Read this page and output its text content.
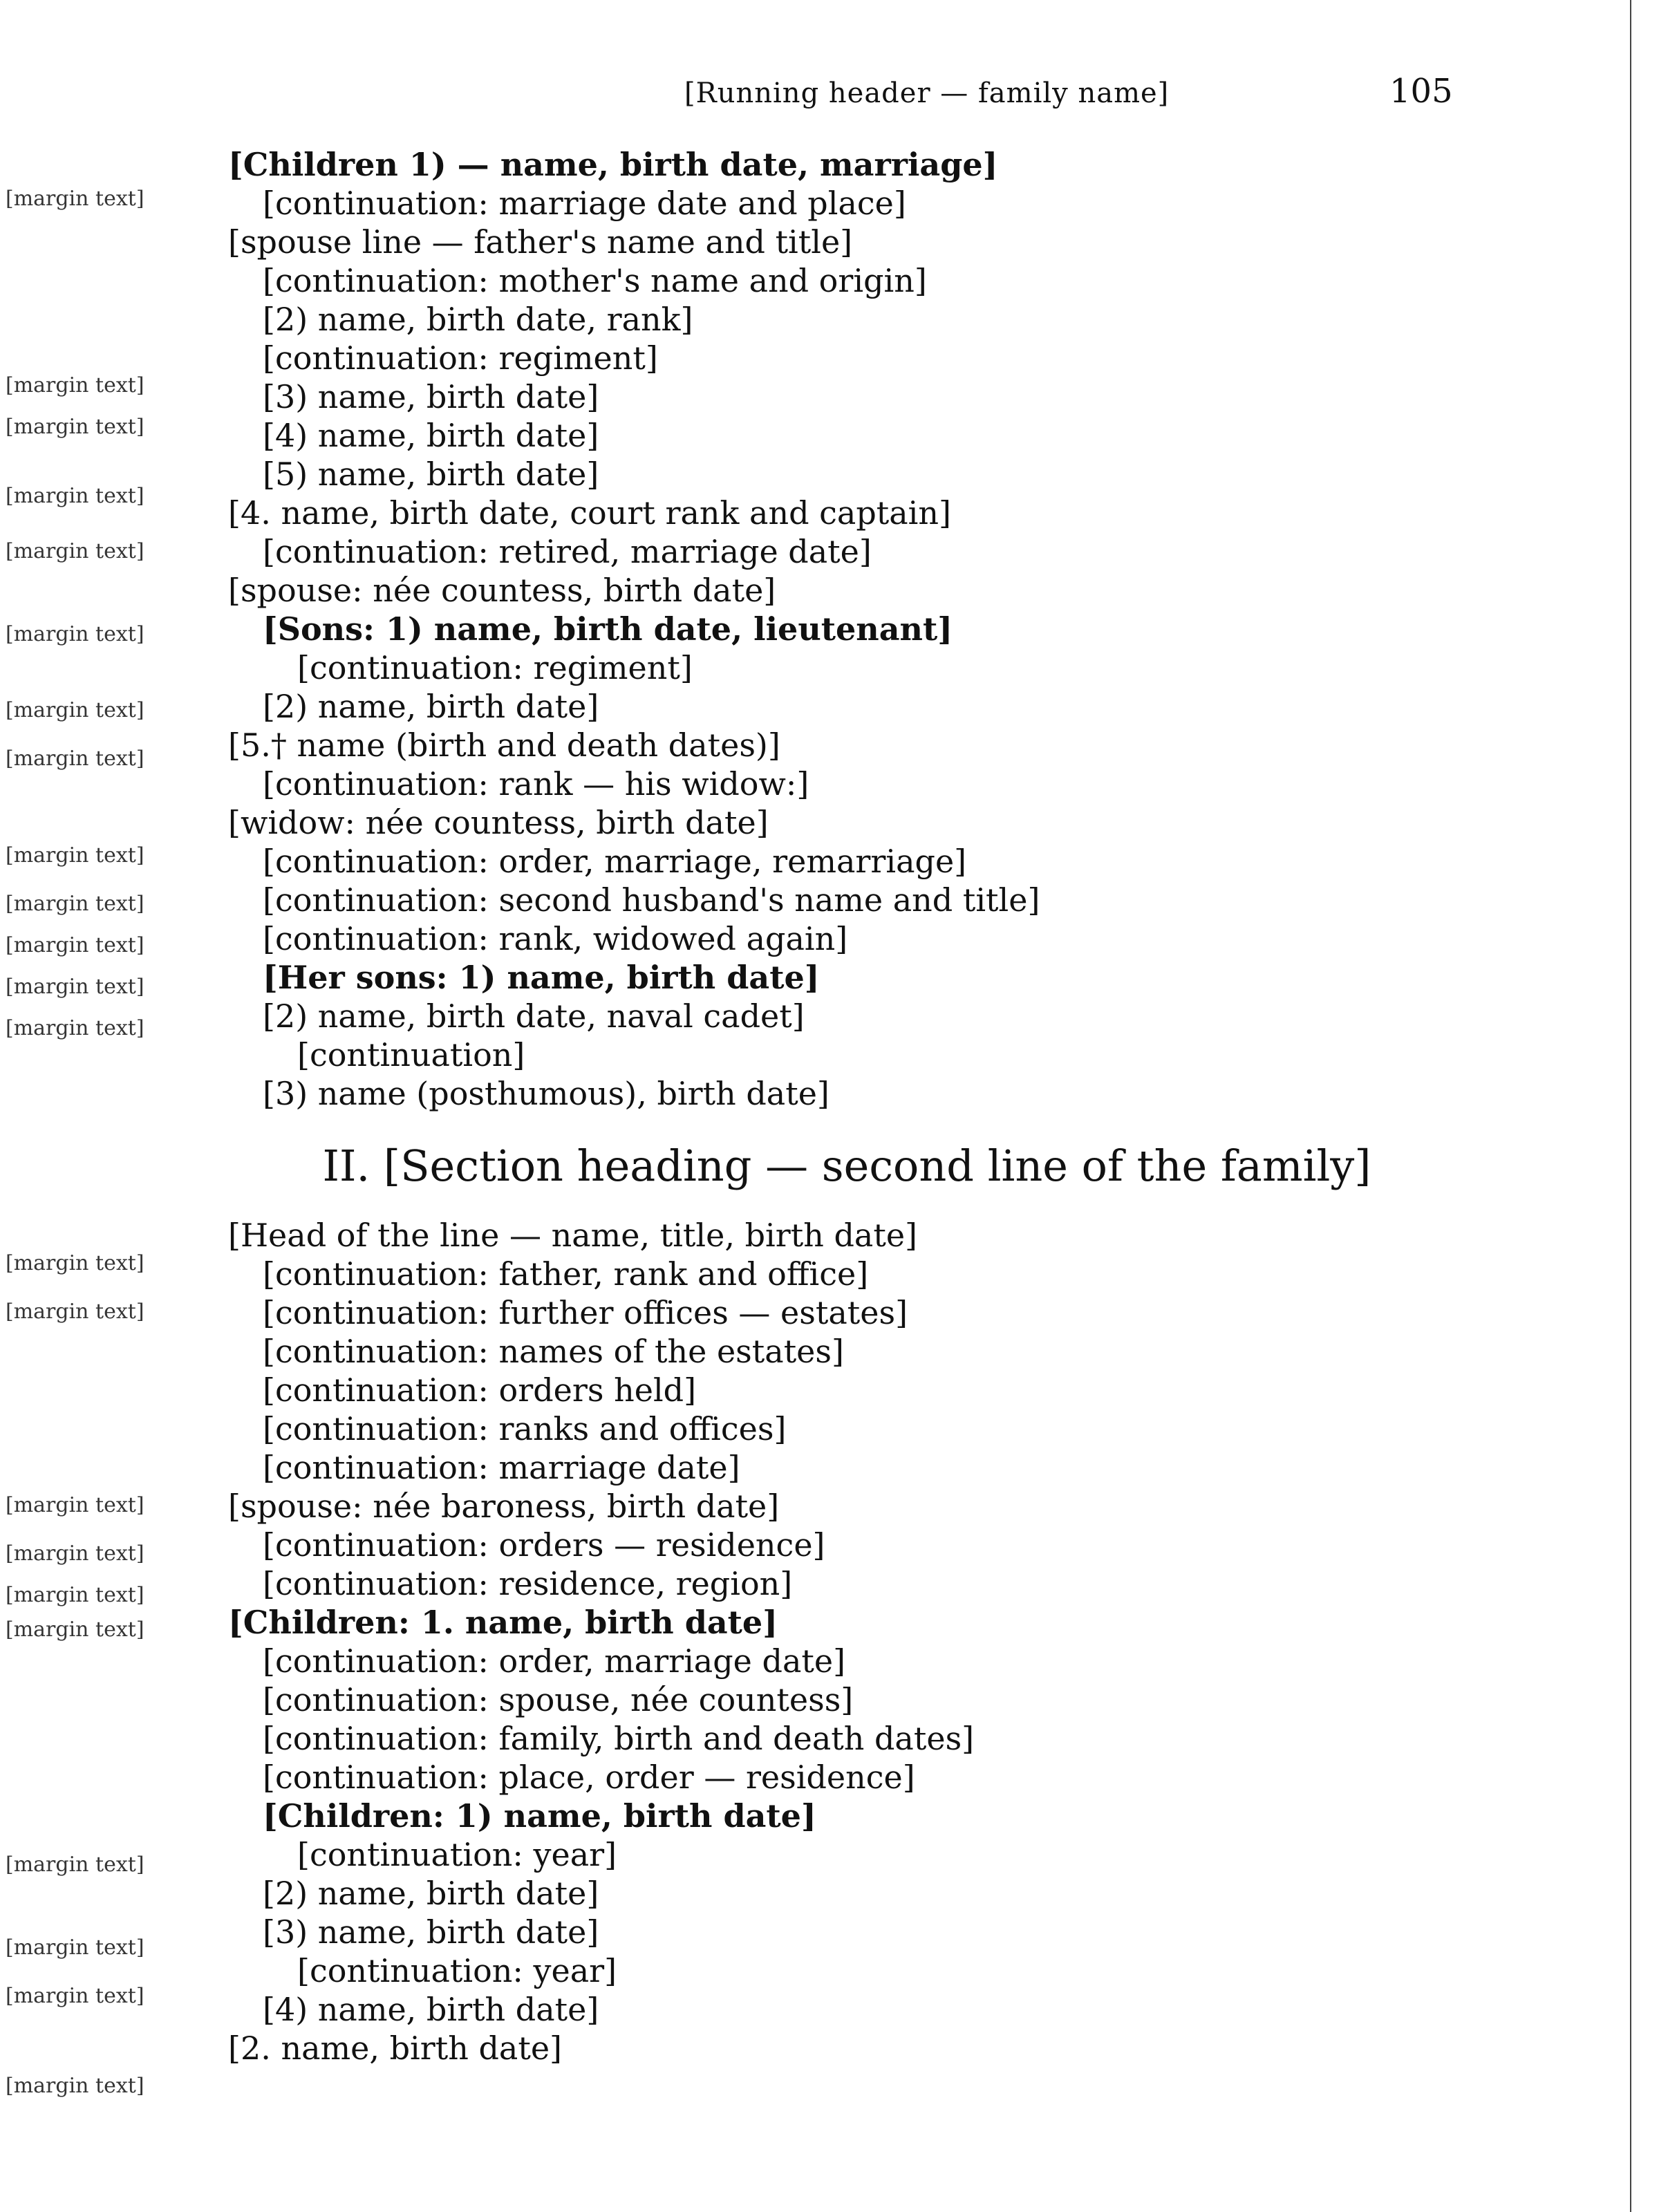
[margin text]
[margin text]
[margin text]
[margin text]
[margin text]
[margin text]
[margin text]
[margin text]
[margin text]
[margin text]
[margin text]
[margin text]
[margin text]
[margin text]
[margin text]
[margin text]
[margin text]
[margin text]
[margin text]
[margin text]
[margin text]
[margin text]
[margin text]
[Running header — family name]	105
[Children 1) — name, birth date, marriage]
[continuation: marriage date and place]
[spouse line — father's name and title]
[continuation: mother's name and origin]
[2) name, birth date, rank]
[continuation: regiment]
[3) name, birth date]
[4) name, birth date]
[5) name, birth date]
[4. name, birth date, court rank and captain]
[continuation: retired, marriage date]
[spouse: née countess, birth date]
[Sons: 1) name, birth date, lieutenant]
[continuation: regiment]
[2) name, birth date]
[5.† name (birth and death dates)]
[continuation: rank — his widow:]
[widow: née countess, birth date]
[continuation: order, marriage, remarriage]
[continuation: second husband's name and title]
[continuation: rank, widowed again]
[Her sons: 1) name, birth date]
[2) name, birth date, naval cadet]
[continuation]
[3) name (posthumous), birth date]
II. [Section heading — second line of the family]
[Head of the line — name, title, birth date]
[continuation: father, rank and office]
[continuation: further offices — estates]
[continuation: names of the estates]
[continuation: orders held]
[continuation: ranks and offices]
[continuation: marriage date]
[spouse: née baroness, birth date]
[continuation: orders — residence]
[continuation: residence, region]
[Children: 1. name, birth date]
[continuation: order, marriage date]
[continuation: spouse, née countess]
[continuation: family, birth and death dates]
[continuation: place, order — residence]
[Children: 1) name, birth date]
[continuation: year]
[2) name, birth date]
[3) name, birth date]
[continuation: year]
[4) name, birth date]
[2. name, birth date]
